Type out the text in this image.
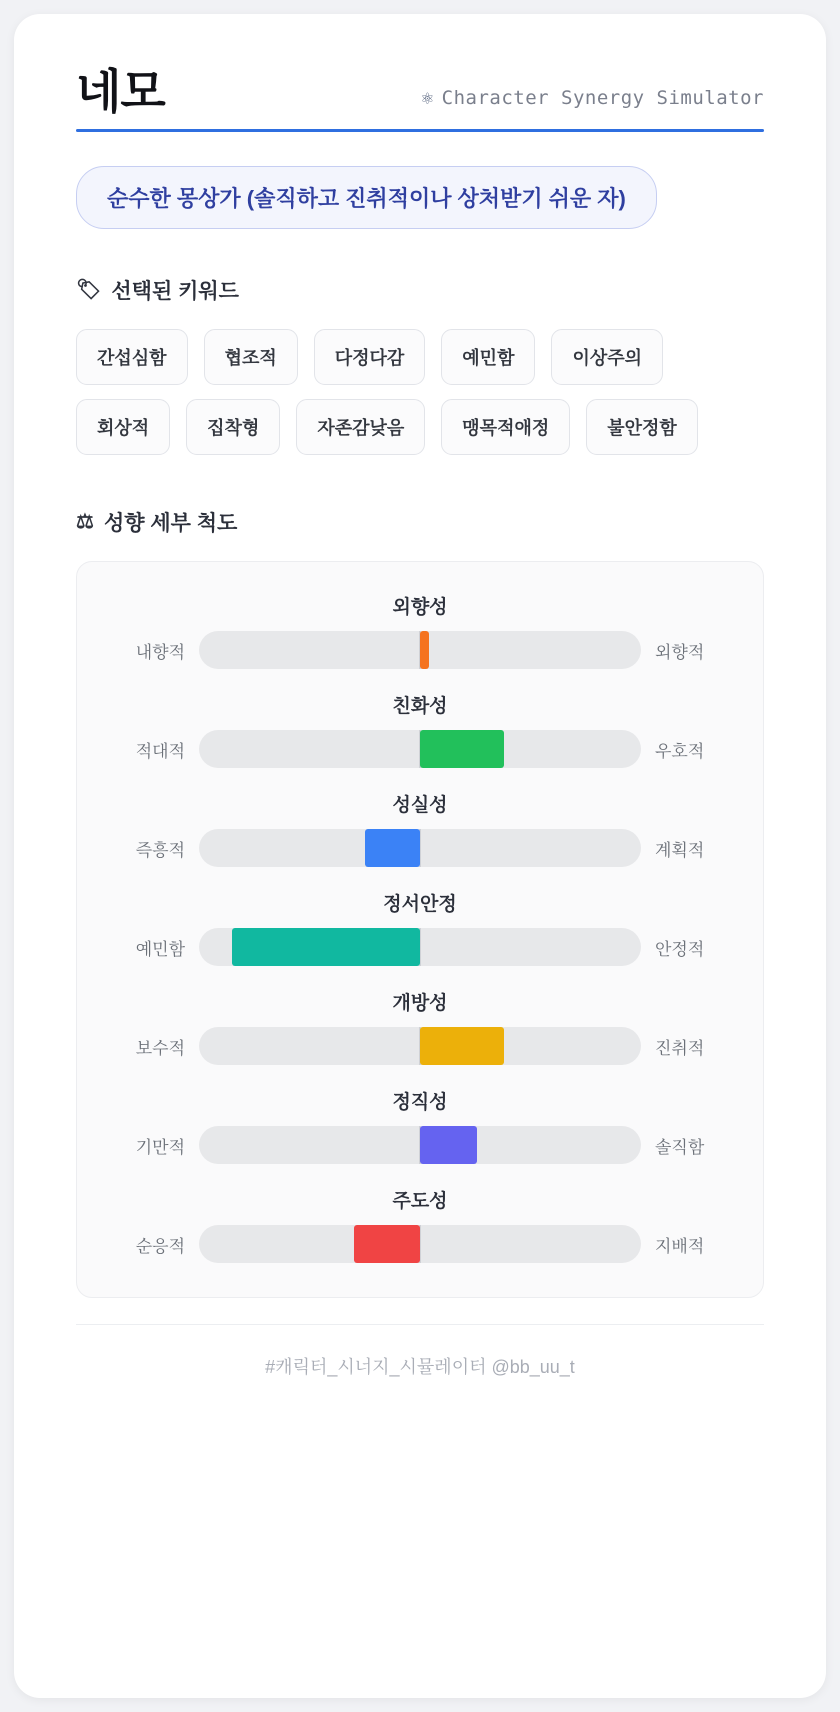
네모	⚛ Character Synergy Simulator
순수한 몽상가 (솔직하고 진취적이나 상처받기 쉬운 자)
🏷 선택된 키워드
간섭심함	협조적	다정다감	예민함	이상주의
회상적	집착형	자존감낮음	맹목적애정	불안정함
⚖ 성향 세부 척도
외향성
내향적	외향적
친화성
적대적	우호적
성실성
즉흥적	계획적
정서안정
예민함	안정적
개방성
보수적	진취적
정직성
기만적	솔직함
주도성
순응적	지배적
#캐릭터_시너지_시뮬레이터 @bb_uu_t
